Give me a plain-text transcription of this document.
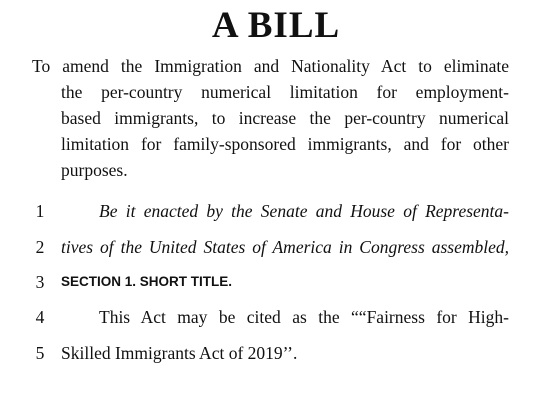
A BILL
To amend the Immigration and Nationality Act to eliminate
the per-country numerical limitation for employment-
based immigrants, to increase the per-country numerical
limitation for family-sponsored immigrants, and for other
purposes.
1	Be it enacted by the Senate and House of Representa-
2 tives of the United States of America in Congress assembled,
3	SECTION 1. SHORT TITLE.
4	This Act may be cited as the ““Fairness for High-
5 Skilled Immigrants Act of 2019’’.
